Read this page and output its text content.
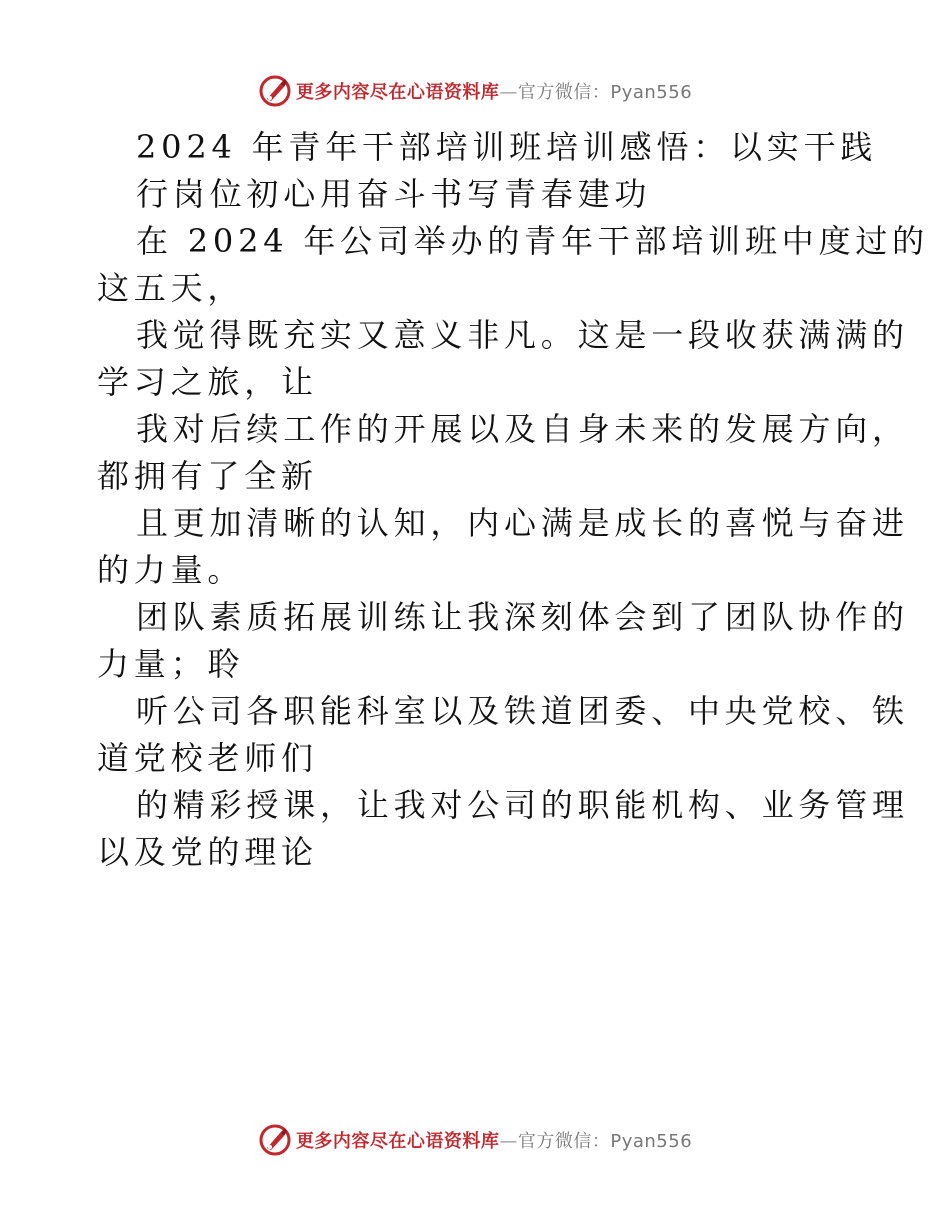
更多内容尽在心语资料库—官方微信：Pyan556
2024 年青年干部培训班培训感悟：以实干践
行岗位初心用奋斗书写青春建功
在 2024 年公司举办的青年干部培训班中度过的
这五天，
我觉得既充实又意义非凡。这是一段收获满满的
学习之旅，让
我对后续工作的开展以及自身未来的发展方向，
都拥有了全新
且更加清晰的认知，内心满是成长的喜悦与奋进
的力量。
团队素质拓展训练让我深刻体会到了团队协作的
力量；聆
听公司各职能科室以及铁道团委、中央党校、铁
道党校老师们
的精彩授课，让我对公司的职能机构、业务管理
以及党的理论
更多内容尽在心语资料库—官方微信：Pyan556
